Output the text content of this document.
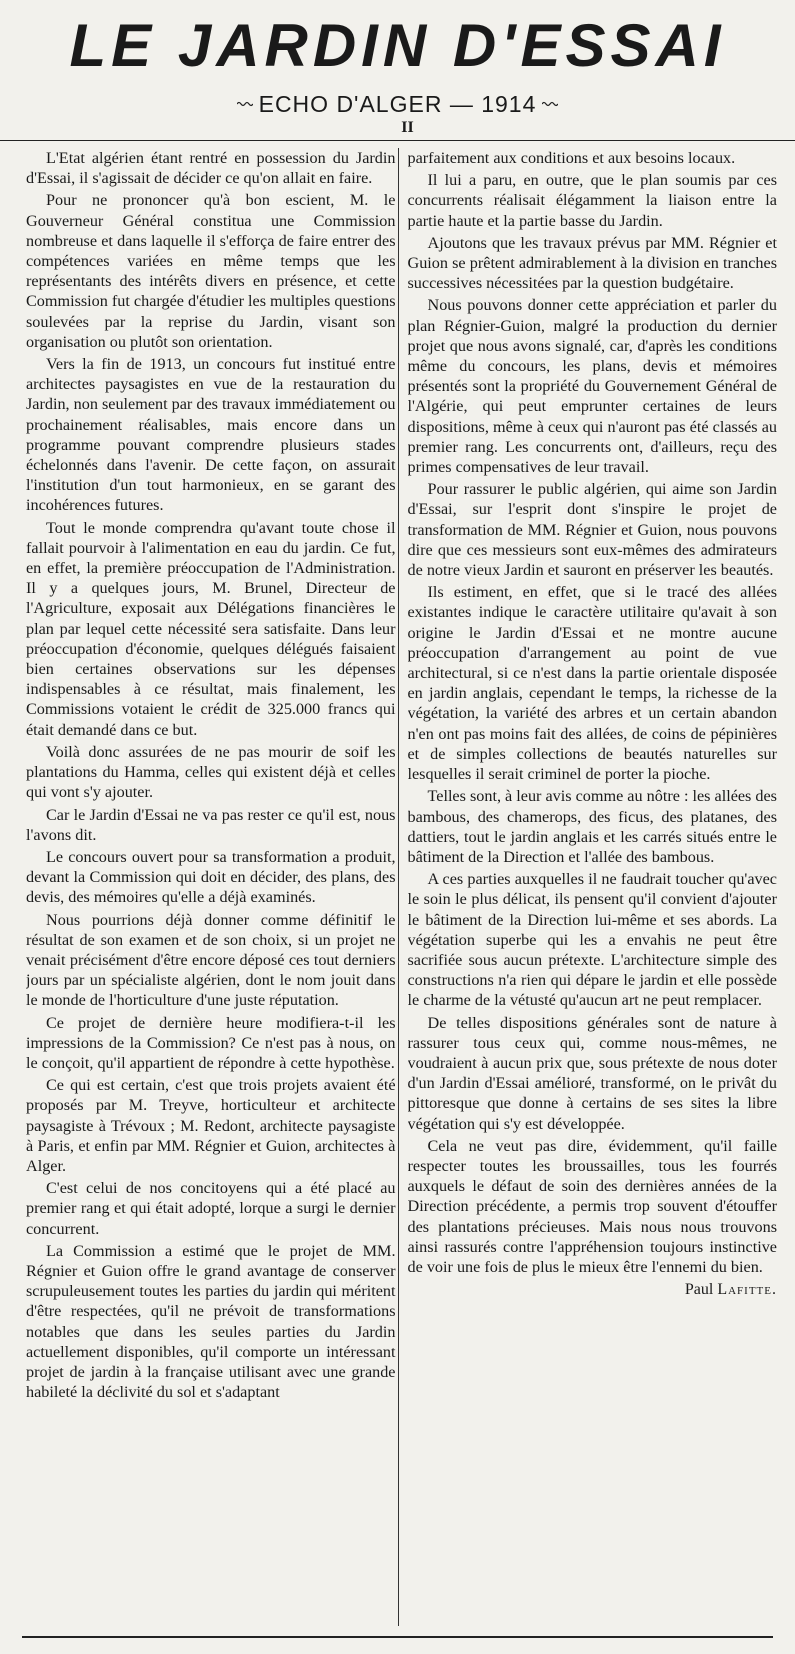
LE JARDIN D'ESSAI
ECHO D'ALGER — 1914
II

L'Etat algérien étant rentré en possession du Jardin d'Essai, il s'agissait de décider ce qu'on allait en faire.

Pour ne prononcer qu'à bon escient, M. le Gouverneur Général constitua une Commission nombreuse et dans laquelle il s'efforça de faire entrer des compétences variées en même temps que les représentants des intérêts divers en présence, et cette Commission fut chargée d'étudier les multiples questions soulevées par la reprise du Jardin, visant son organisation ou plutôt son orientation.

Vers la fin de 1913, un concours fut institué entre architectes paysagistes en vue de la restauration du Jardin, non seulement par des travaux immédiatement ou prochainement réalisables, mais encore dans un programme pouvant comprendre plusieurs stades échelonnés dans l'avenir. De cette façon, on assurait l'institution d'un tout harmonieux, en se garant des incohérences futures.

Tout le monde comprendra qu'avant toute chose il fallait pourvoir à l'alimentation en eau du jardin. Ce fut, en effet, la première préoccupation de l'Administration. Il y a quelques jours, M. Brunel, Directeur de l'Agriculture, exposait aux Délégations financières le plan par lequel cette nécessité sera satisfaite. Dans leur préoccupation d'économie, quelques délégués faisaient bien certaines observations sur les dépenses indispensables à ce résultat, mais finalement, les Commissions votaient le crédit de 325.000 francs qui était demandé dans ce but.

Voilà donc assurées de ne pas mourir de soif les plantations du Hamma, celles qui existent déjà et celles qui vont s'y ajouter.

Car le Jardin d'Essai ne va pas rester ce qu'il est, nous l'avons dit.

Le concours ouvert pour sa transformation a produit, devant la Commission qui doit en décider, des plans, des devis, des mémoires qu'elle a déjà examinés.

Nous pourrions déjà donner comme définitif le résultat de son examen et de son choix, si un projet ne venait précisément d'être encore déposé ces tout derniers jours par un spécialiste algérien, dont le nom jouit dans le monde de l'horticulture d'une juste réputation.

Ce projet de dernière heure modifiera-t-il les impressions de la Commission? Ce n'est pas à nous, on le conçoit, qu'il appartient de répondre à cette hypothèse.

Ce qui est certain, c'est que trois projets avaient été proposés par M. Treyve, horticulteur et architecte paysagiste à Trévoux ; M. Redont, architecte paysagiste à Paris, et enfin par MM. Régnier et Guion, architectes à Alger.

C'est celui de nos concitoyens qui a été placé au premier rang et qui était adopté, lorque a surgi le dernier concurrent.

La Commission a estimé que le projet de MM. Régnier et Guion offre le grand avantage de conserver scrupuleusement toutes les parties du jardin qui méritent d'être respectées, qu'il ne prévoit de transformations notables que dans les seules parties du Jardin actuellement disponibles, qu'il comporte un intéressant projet de jardin à la française utilisant avec une grande habileté la déclivité du sol et s'adaptant

parfaitement aux conditions et aux besoins locaux.

Il lui a paru, en outre, que le plan soumis par ces concurrents réalisait élégamment la liaison entre la partie haute et la partie basse du Jardin.

Ajoutons que les travaux prévus par MM. Régnier et Guion se prêtent admirablement à la division en tranches successives nécessitées par la question budgétaire.

Nous pouvons donner cette appréciation et parler du plan Régnier-Guion, malgré la production du dernier projet que nous avons signalé, car, d'après les conditions même du concours, les plans, devis et mémoires présentés sont la propriété du Gouvernement Général de l'Algérie, qui peut emprunter certaines de leurs dispositions, même à ceux qui n'auront pas été classés au premier rang. Les concurrents ont, d'ailleurs, reçu des primes compensatives de leur travail.

Pour rassurer le public algérien, qui aime son Jardin d'Essai, sur l'esprit dont s'inspire le projet de transformation de MM. Régnier et Guion, nous pouvons dire que ces messieurs sont eux-mêmes des admirateurs de notre vieux Jardin et sauront en préserver les beautés.

Ils estiment, en effet, que si le tracé des allées existantes indique le caractère utilitaire qu'avait à son origine le Jardin d'Essai et ne montre aucune préoccupation d'arrangement au point de vue architectural, si ce n'est dans la partie orientale disposée en jardin anglais, cependant le temps, la richesse de la végétation, la variété des arbres et un certain abandon n'en ont pas moins fait des allées, de coins de pépinières et de simples collections de beautés naturelles sur lesquelles il serait criminel de porter la pioche.

Telles sont, à leur avis comme au nôtre : les allées des bambous, des chamerops, des ficus, des platanes, des dattiers, tout le jardin anglais et les carrés situés entre le bâtiment de la Direction et l'allée des bambous.

A ces parties auxquelles il ne faudrait toucher qu'avec le soin le plus délicat, ils pensent qu'il convient d'ajouter le bâtiment de la Direction lui-même et ses abords. La végétation superbe qui les a envahis ne peut être sacrifiée sous aucun prétexte. L'architecture simple des constructions n'a rien qui dépare le jardin et elle possède le charme de la vétusté qu'aucun art ne peut remplacer.

De telles dispositions générales sont de nature à rassurer tous ceux qui, comme nous-mêmes, ne voudraient à aucun prix que, sous prétexte de nous doter d'un Jardin d'Essai amélioré, transformé, on le privât du pittoresque que donne à certains de ses sites la libre végétation qui s'y est développée.

Cela ne veut pas dire, évidemment, qu'il faille respecter toutes les broussailles, tous les fourrés auxquels le défaut de soin des dernières années de la Direction précédente, a permis trop souvent d'étouffer des plantations précieuses. Mais nous nous trouvons ainsi rassurés contre l'appréhension toujours instinctive de voir une fois de plus le mieux être l'ennemi du bien.

Paul Lafitte.
